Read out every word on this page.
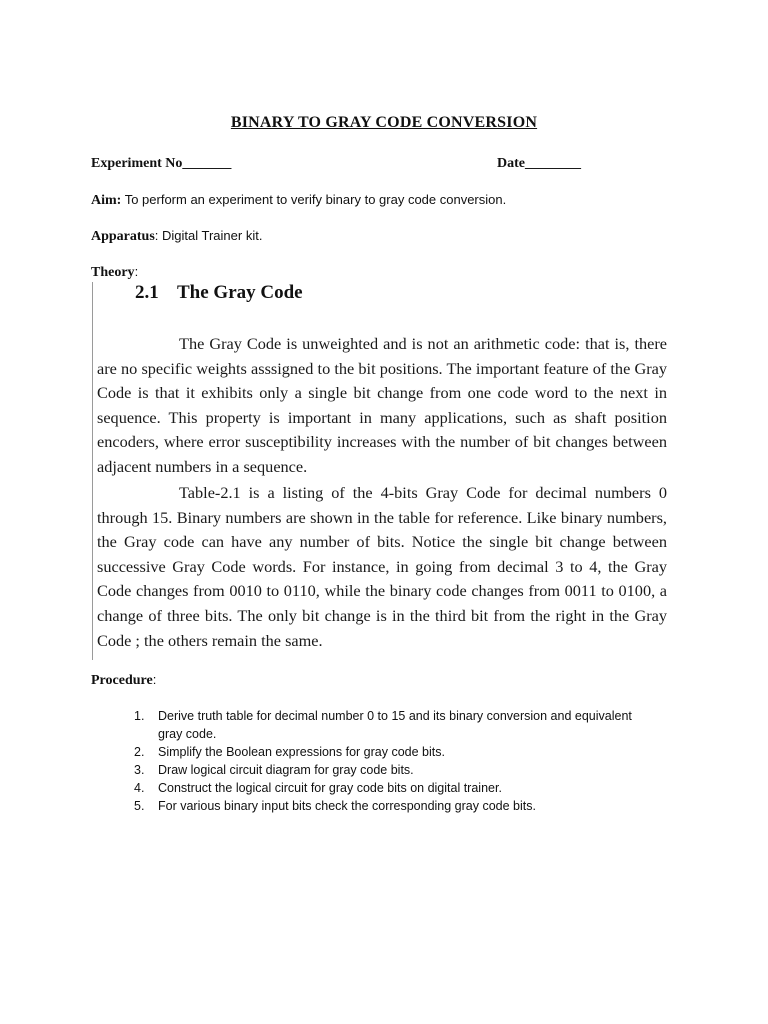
BINARY TO GRAY CODE CONVERSION
Experiment No_______	Date________
Aim: To perform an experiment to verify binary to gray code conversion.
Apparatus: Digital Trainer kit.
Theory:
2.1 The Gray Code
The Gray Code is unweighted and is not an arithmetic code: that is, there are no specific weights asssigned to the bit positions. The important feature of the Gray Code is that it exhibits only a single bit change from one code word to the next in sequence. This property is important in many applications, such as shaft position encoders, where error susceptibility increases with the number of bit changes between adjacent numbers in a sequence.
Table-2.1 is a listing of the 4-bits Gray Code for decimal numbers 0 through 15. Binary numbers are shown in the table for reference. Like binary numbers, the Gray code can have any number of bits. Notice the single bit change between successive Gray Code words. For instance, in going from decimal 3 to 4, the Gray Code changes from 0010 to 0110, while the binary code changes from 0011 to 0100, a change of three bits. The only bit change is in the third bit from the right in the Gray Code ; the others remain the same.
Procedure:
1. Derive truth table for decimal number 0 to 15 and its binary conversion and equivalent gray code.
2. Simplify the Boolean expressions for gray code bits.
3. Draw logical circuit diagram for gray code bits.
4. Construct the logical circuit for gray code bits on digital trainer.
5. For various binary input bits check the corresponding gray code bits.
